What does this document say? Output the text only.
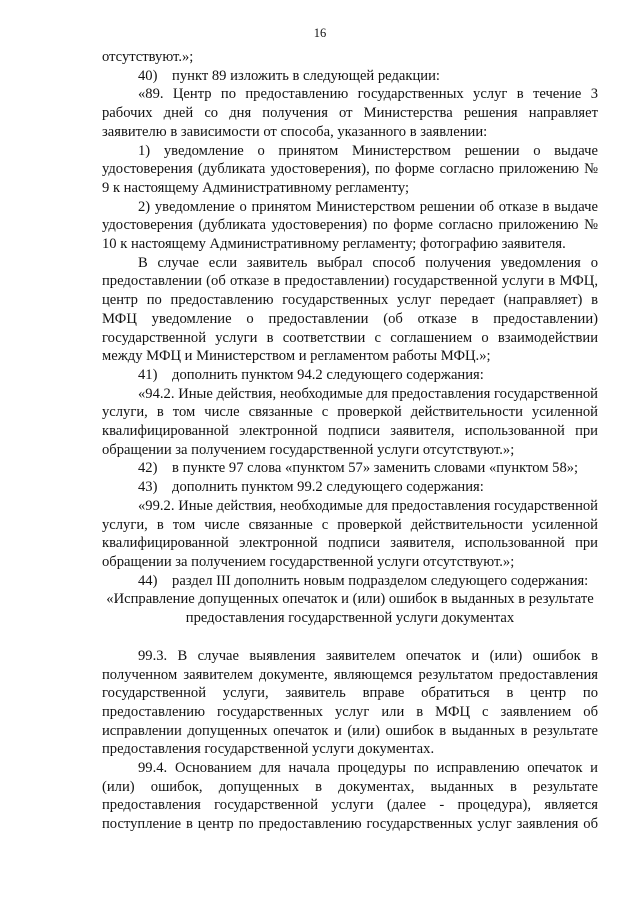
16

отсутствуют.»;

40) пункт 89 изложить в следующей редакции:

«89. Центр по предоставлению государственных услуг в течение 3 рабочих дней со дня получения от Министерства решения направляет заявителю в зависимости от способа, указанного в заявлении:

1) уведомление о принятом Министерством решении о выдаче удостоверения (дубликата удостоверения), по форме согласно приложению № 9 к настоящему Административному регламенту;

2) уведомление о принятом Министерством решении об отказе в выдаче удостоверения (дубликата удостоверения) по форме согласно приложению № 10 к настоящему Административному регламенту; фотографию заявителя.

В случае если заявитель выбрал способ получения уведомления о предоставлении (об отказе в предоставлении) государственной услуги в МФЦ, центр по предоставлению государственных услуг передает (направляет) в МФЦ уведомление о предоставлении (об отказе в предоставлении) государственной услуги в соответствии с соглашением о взаимодействии между МФЦ и Министерством и регламентом работы МФЦ.»;

41) дополнить пунктом 94.2 следующего содержания:

«94.2. Иные действия, необходимые для предоставления государственной услуги, в том числе связанные с проверкой действительности усиленной квалифицированной электронной подписи заявителя, использованной при обращении за получением государственной услуги отсутствуют.»;

42) в пункте 97 слова «пунктом 57» заменить словами «пунктом 58»;

43) дополнить пунктом 99.2 следующего содержания:

«99.2. Иные действия, необходимые для предоставления государственной услуги, в том числе связанные с проверкой действительности усиленной квалифицированной электронной подписи заявителя, использованной при обращении за получением государственной услуги отсутствуют.»;

44) раздел III дополнить новым подразделом следующего содержания:

«Исправление допущенных опечаток и (или) ошибок в выданных в результате предоставления государственной услуги документах

99.3. В случае выявления заявителем опечаток и (или) ошибок в полученном заявителем документе, являющемся результатом предоставления государственной услуги, заявитель вправе обратиться в центр по предоставлению государственных услуг или в МФЦ с заявлением об исправлении допущенных опечаток и (или) ошибок в выданных в результате предоставления государственной услуги документах.

99.4. Основанием для начала процедуры по исправлению опечаток и (или) ошибок, допущенных в документах, выданных в результате предоставления государственной услуги (далее - процедура), является поступление в центр по предоставлению государственных услуг заявления об
